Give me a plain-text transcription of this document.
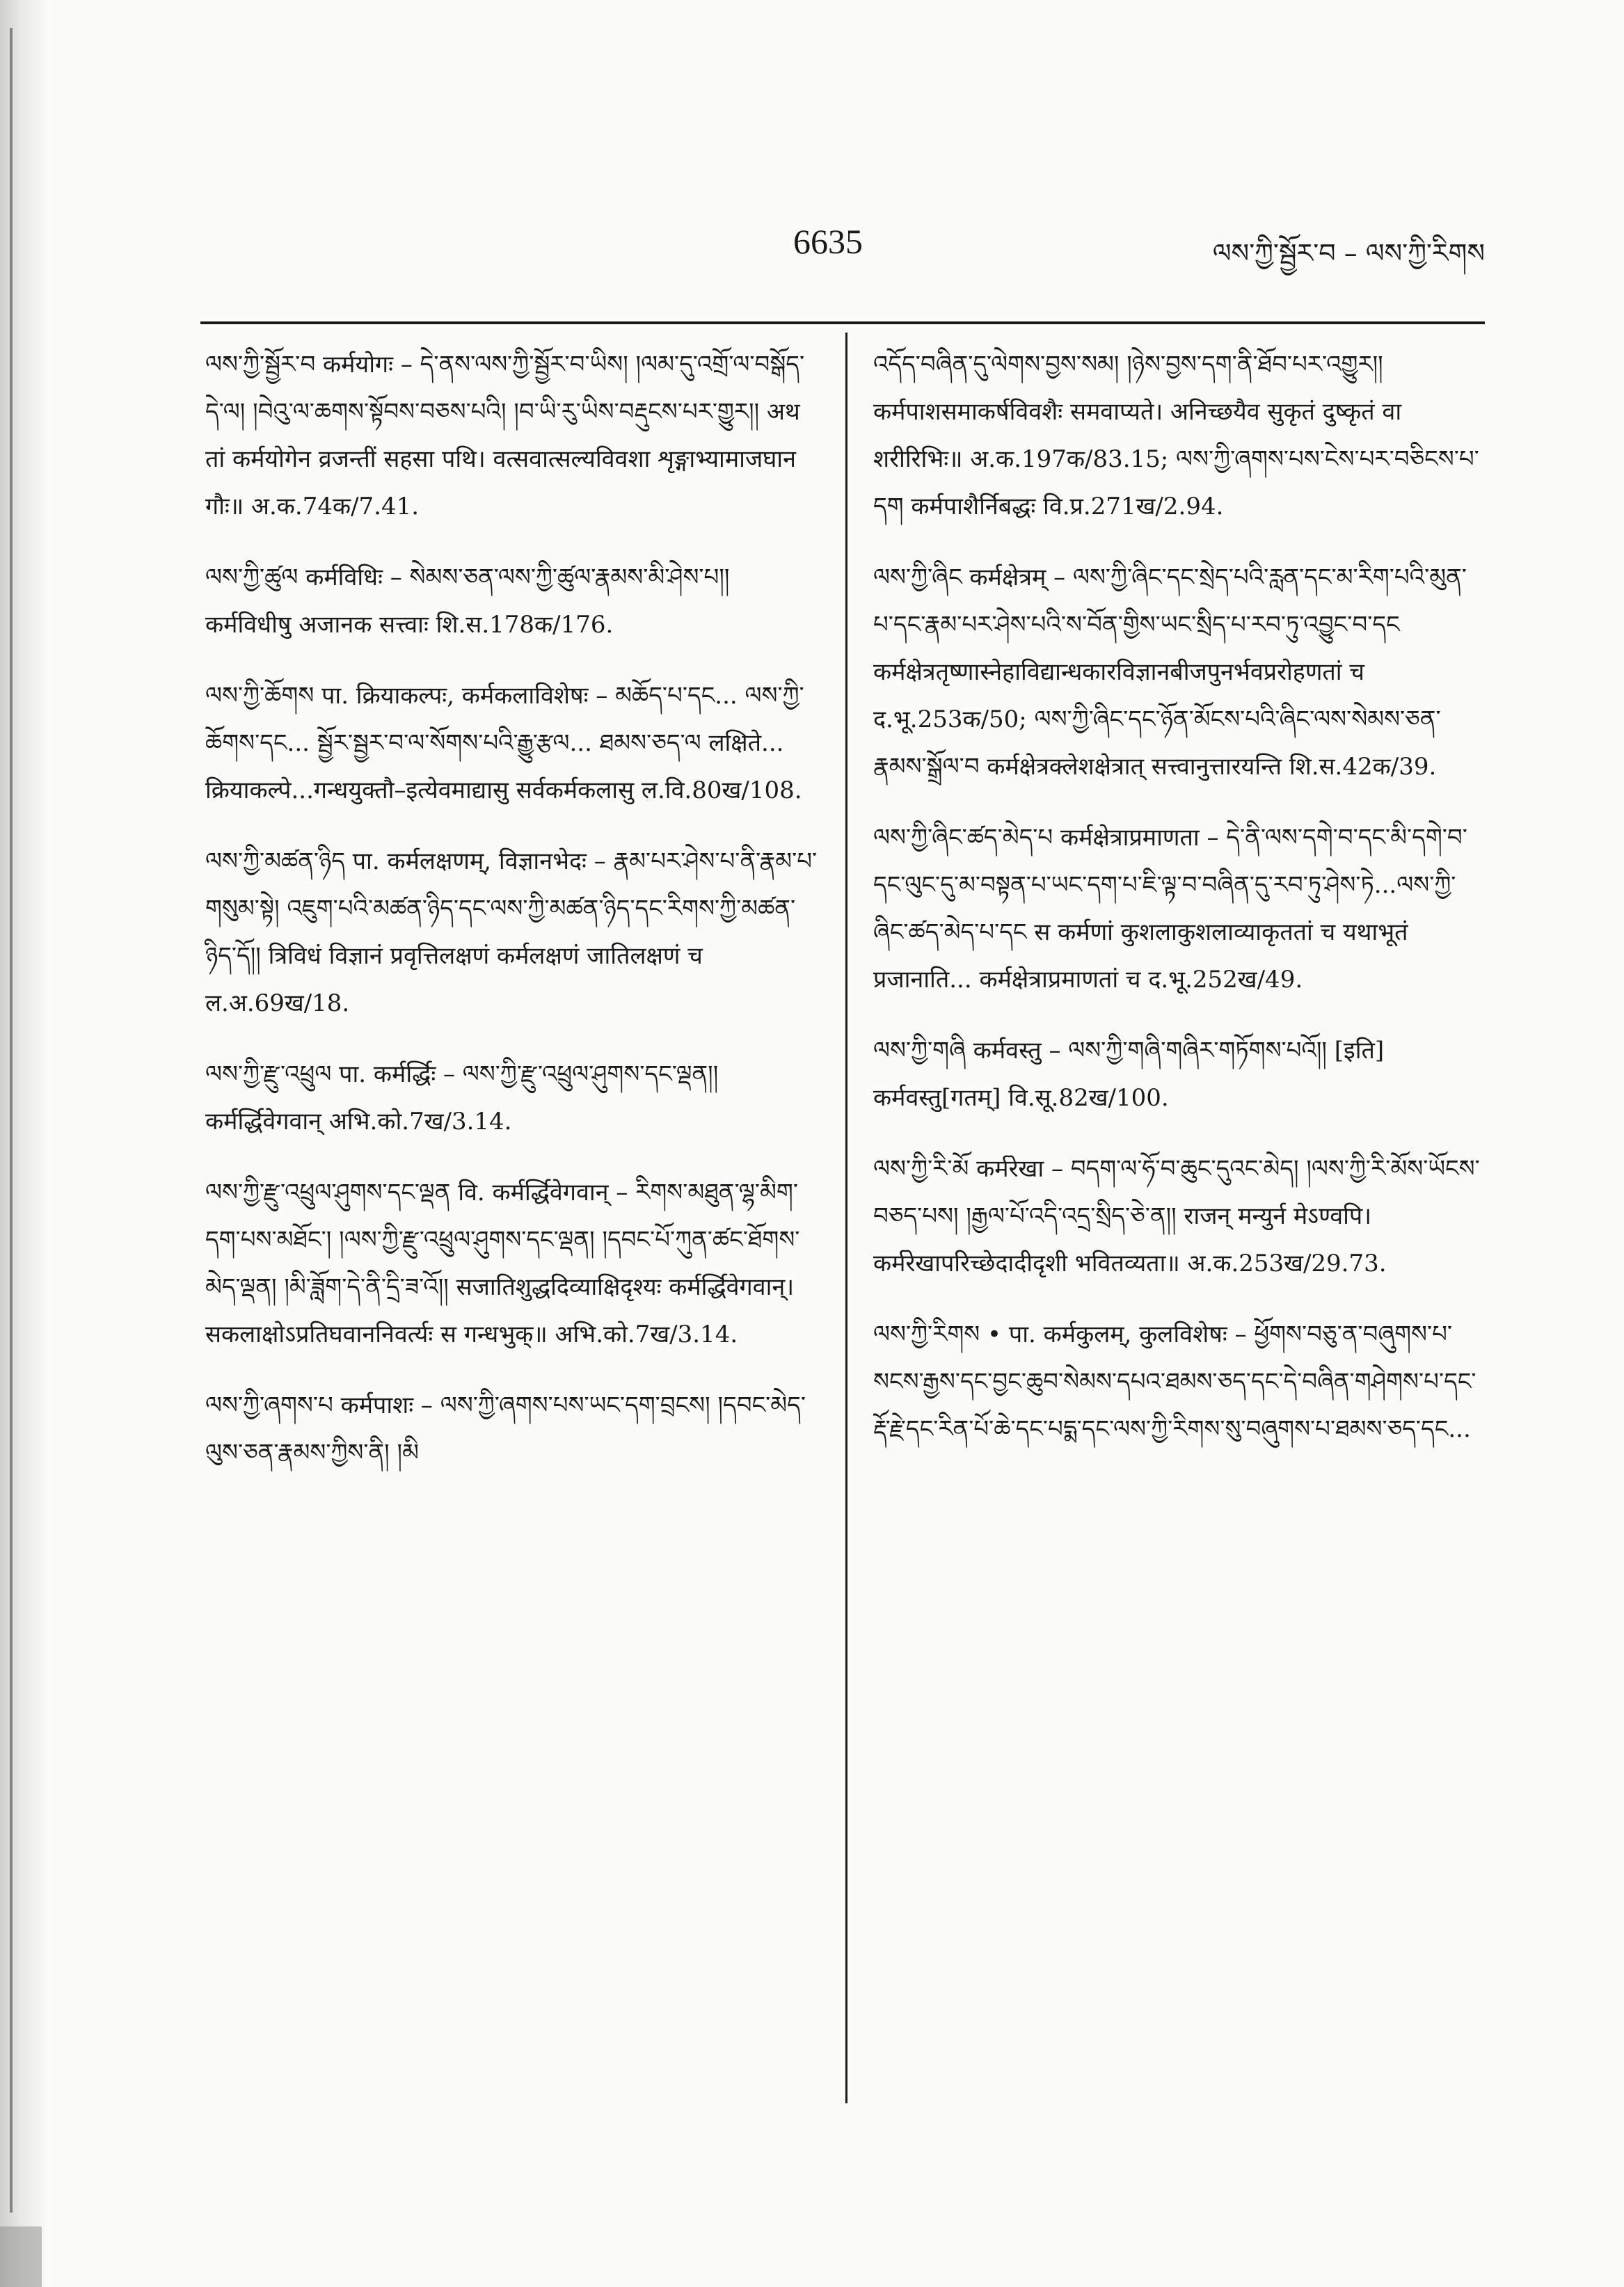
6635	ལས་ཀྱི་སྦྱོར་བ – ལས་ཀྱི་རིགས
ལས་ཀྱི་སྦྱོར་བ कर्मयोगः – དེ་ནས་ལས་ཀྱི་སྦྱོར་བ་ཡིས། །ལམ་དུ་འགྲོ་ལ་བསྒོད་དེ་ལ། །བེའུ་ལ་ཆགས་སྟོབས་བཅས་པའི། །བ་ཡི་རུ་ཡིས་བརྡུངས་པར་གྱུར།། अथ तां कर्मयोगेन व्रजन्तीं सहसा पथि। वत्सवात्सल्यविवशा शृङ्गाभ्यामाजघान गौः॥ अ.क.74क/7.41.
ལས་ཀྱི་ཚུལ कर्मविधिः – སེམས་ཅན་ལས་ཀྱི་ཚུལ་རྣམས་མི་ཤེས་པ།། कर्मविधीषु अजानक सत्त्वाः शि.स.178क/176.
ལས་ཀྱི་ཆོགས पा. क्रियाकल्पः, कर्मकलाविशेषः – མཆོད་པ་དང... ལས་ཀྱི་ཆོགས་དང... སྦྱོར་སྦྱར་བ་ལ་སོགས་པའི་རྒྱུ་རྩལ... ཐམས་ཅད་ལ लक्षिते... क्रियाकल्पे...गन्धयुक्तौ–इत्येवमाद्यासु सर्वकर्मकलासु ल.वि.80ख/108.
ལས་ཀྱི་མཚན་ཉིད पा. कर्मलक्षणम्, विज्ञानभेदः – རྣམ་པར་ཤེས་པ་ནི་རྣམ་པ་གསུམ་སྟེ། འཇུག་པའི་མཚན་ཉིད་དང་ལས་ཀྱི་མཚན་ཉིད་དང་རིགས་ཀྱི་མཚན་ཉིད་དོ།། त्रिविधं विज्ञानं प्रवृत्तिलक्षणं कर्मलक्षणं जातिलक्षणं च ल.अ.69ख/18.
ལས་ཀྱི་རྫུ་འཕྲུལ पा. कर्मर्द्धिः – ལས་ཀྱི་རྫུ་འཕྲུལ་ཤུགས་དང་ལྡན།། कर्मर्द्धिवेगवान् अभि.को.7ख/3.14.
ལས་ཀྱི་རྫུ་འཕྲུལ་ཤུགས་དང་ལྡན वि. कर्मर्द्धिवेगवान् – རིགས་མཐུན་ལྷ་མིག་དག་པས་མཐོང་། །ལས་ཀྱི་རྫུ་འཕྲུལ་ཤུགས་དང་ལྡན། །དབང་པོ་ཀུན་ཚང་ཐོགས་མེད་ལྡན། །མི་ཟློག་དེ་ནི་དྲི་ཟ་འོ།། सजातिशुद्धदिव्याक्षिदृश्यः कर्मर्द्धिवेगवान्। सकलाक्षोऽप्रतिघवाननिवर्त्यः स गन्धभुक्॥ अभि.को.7ख/3.14.
ལས་ཀྱི་ཞགས་པ कर्मपाशः – ལས་ཀྱི་ཞགས་པས་ཡང་དག་བྲངས། །དབང་མེད་ལུས་ཅན་རྣམས་ཀྱིས་ནི། །མི
འདོད་བཞིན་དུ་ལེགས་བྱས་སམ། །ཉེས་བྱས་དག་ནི་ཐོབ་པར་འགྱུར།། कर्मपाशसमाकर्षविवशैः समवाप्यते। अनिच्छयैव सुकृतं दुष्कृतं वा शरीरिभिः॥ अ.क.197क/83.15; ལས་ཀྱི་ཞགས་པས་ངེས་པར་བཅིངས་པ་དག कर्मपाशैर्निबद्धः वि.प्र.271ख/2.94.
ལས་ཀྱི་ཞིང कर्मक्षेत्रम् – ལས་ཀྱི་ཞིང་དང་སྲེད་པའི་རླན་དང་མ་རིག་པའི་མུན་པ་དང་རྣམ་པར་ཤེས་པའི་ས་བོན་གྱིས་ཡང་སྲིད་པ་རབ་ཏུ་འབྱུང་བ་དང कर्मक्षेत्रतृष्णास्नेहाविद्यान्धकारविज्ञानबीजपुनर्भवप्ररोहणतां च द.भू.253क/50; ལས་ཀྱི་ཞིང་དང་ཉོན་མོངས་པའི་ཞིང་ལས་སེམས་ཅན་རྣམས་སྒྲོལ་བ कर्मक्षेत्रक्लेशक्षेत्रात् सत्त्वानुत्तारयन्ति शि.स.42क/39.
ལས་ཀྱི་ཞིང་ཚད་མེད་པ कर्मक्षेत्राप्रमाणता – དེ་ནི་ལས་དགེ་བ་དང་མི་དགེ་བ་དང་ལུང་དུ་མ་བསྟན་པ་ཡང་དག་པ་ཇི་ལྟ་བ་བཞིན་དུ་རབ་ཏུ་ཤེས་ཏེ...ལས་ཀྱི་ཞིང་ཚད་མེད་པ་དང स कर्मणां कुशलाकुशलाव्याकृततां च यथाभूतं प्रजानाति... कर्मक्षेत्राप्रमाणतां च द.भू.252ख/49.
ལས་ཀྱི་གཞི कर्मवस्तु – ལས་ཀྱི་གཞི་གཞིར་གཏོགས་པའོ།། [इति] कर्मवस्तु[गतम्] वि.सू.82ख/100.
ལས་ཀྱི་རི་མོ कर्मरेखा – བདག་ལ་ཧོ་བ་ཆུང་དུའང་མེད། །ལས་ཀྱི་རི་མོས་ཡོངས་བཅད་པས། །རྒྱལ་པོ་འདི་འདྲ་སྲིད་ཅེ་ན།། राजन् मन्युर्न मेऽण्वपि। कर्मरेखापरिच्छेदादीदृशी भवितव्यता॥ अ.क.253ख/29.73.
ལས་ཀྱི་རིགས • पा. कर्मकुलम्, कुलविशेषः – ཕྱོགས་བཅུ་ན་བཞུགས་པ་སངས་རྒྱས་དང་བྱང་ཆུབ་སེམས་དཔའ་ཐམས་ཅད་དང་དེ་བཞིན་གཤེགས་པ་དང་རྡོ་རྗེ་དང་རིན་པོ་ཆེ་དང་པདྨ་དང་ལས་ཀྱི་རིགས་སུ་བཞུགས་པ་ཐམས་ཅད་དང...
